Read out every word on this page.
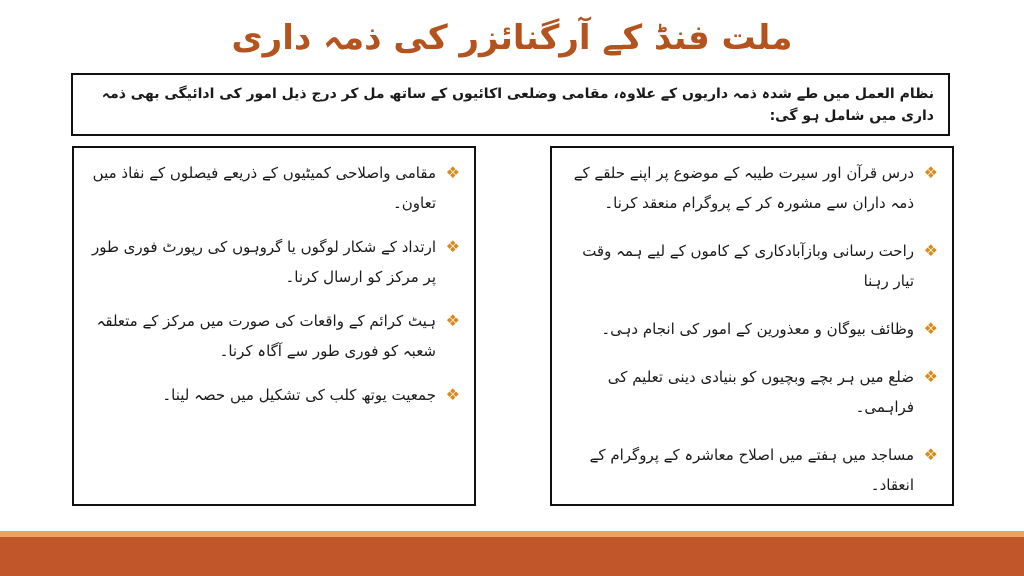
ملت فنڈ کے آرگنائزر کی ذمہ داری
نظام العمل میں طے شدہ ذمہ داریوں کے علاوہ، مقامی وضلعی اکائیوں کے ساتھ مل کر درج ذیل امور کی ادائیگی بھی ذمہ داری میں شامل ہو گی:
❖
درس قرآن اور سیرت طیبہ کے موضوع پر اپنے حلقے کے ذمہ داران سے مشورہ کر کے پروگرام منعقد کرنا۔
❖
راحت رسانی وبازآبادکاری کے کاموں کے لیے ہمہ وقت تیار رہنا
❖
وظائف بیوگان و معذورین کے امور کی انجام دہی۔
❖
ضلع میں ہر بچے وبچیوں کو بنیادی دینی تعلیم کی فراہمی۔
❖
مساجد میں ہفتے میں اصلاح معاشرہ کے پروگرام کے انعقاد۔
❖
مقامی واصلاحی کمیٹیوں کے ذریعے فیصلوں کے نفاذ میں تعاون۔
❖
ارتداد کے شکار لوگوں یا گروہوں کی رپورٹ فوری طور پر مرکز کو ارسال کرنا۔
❖
ہیٹ کرائم کے واقعات کی صورت میں مرکز کے متعلقہ شعبہ کو فوری طور سے آگاہ کرنا۔
❖
جمعیت یوتھ کلب کی تشکیل میں حصہ لینا۔
